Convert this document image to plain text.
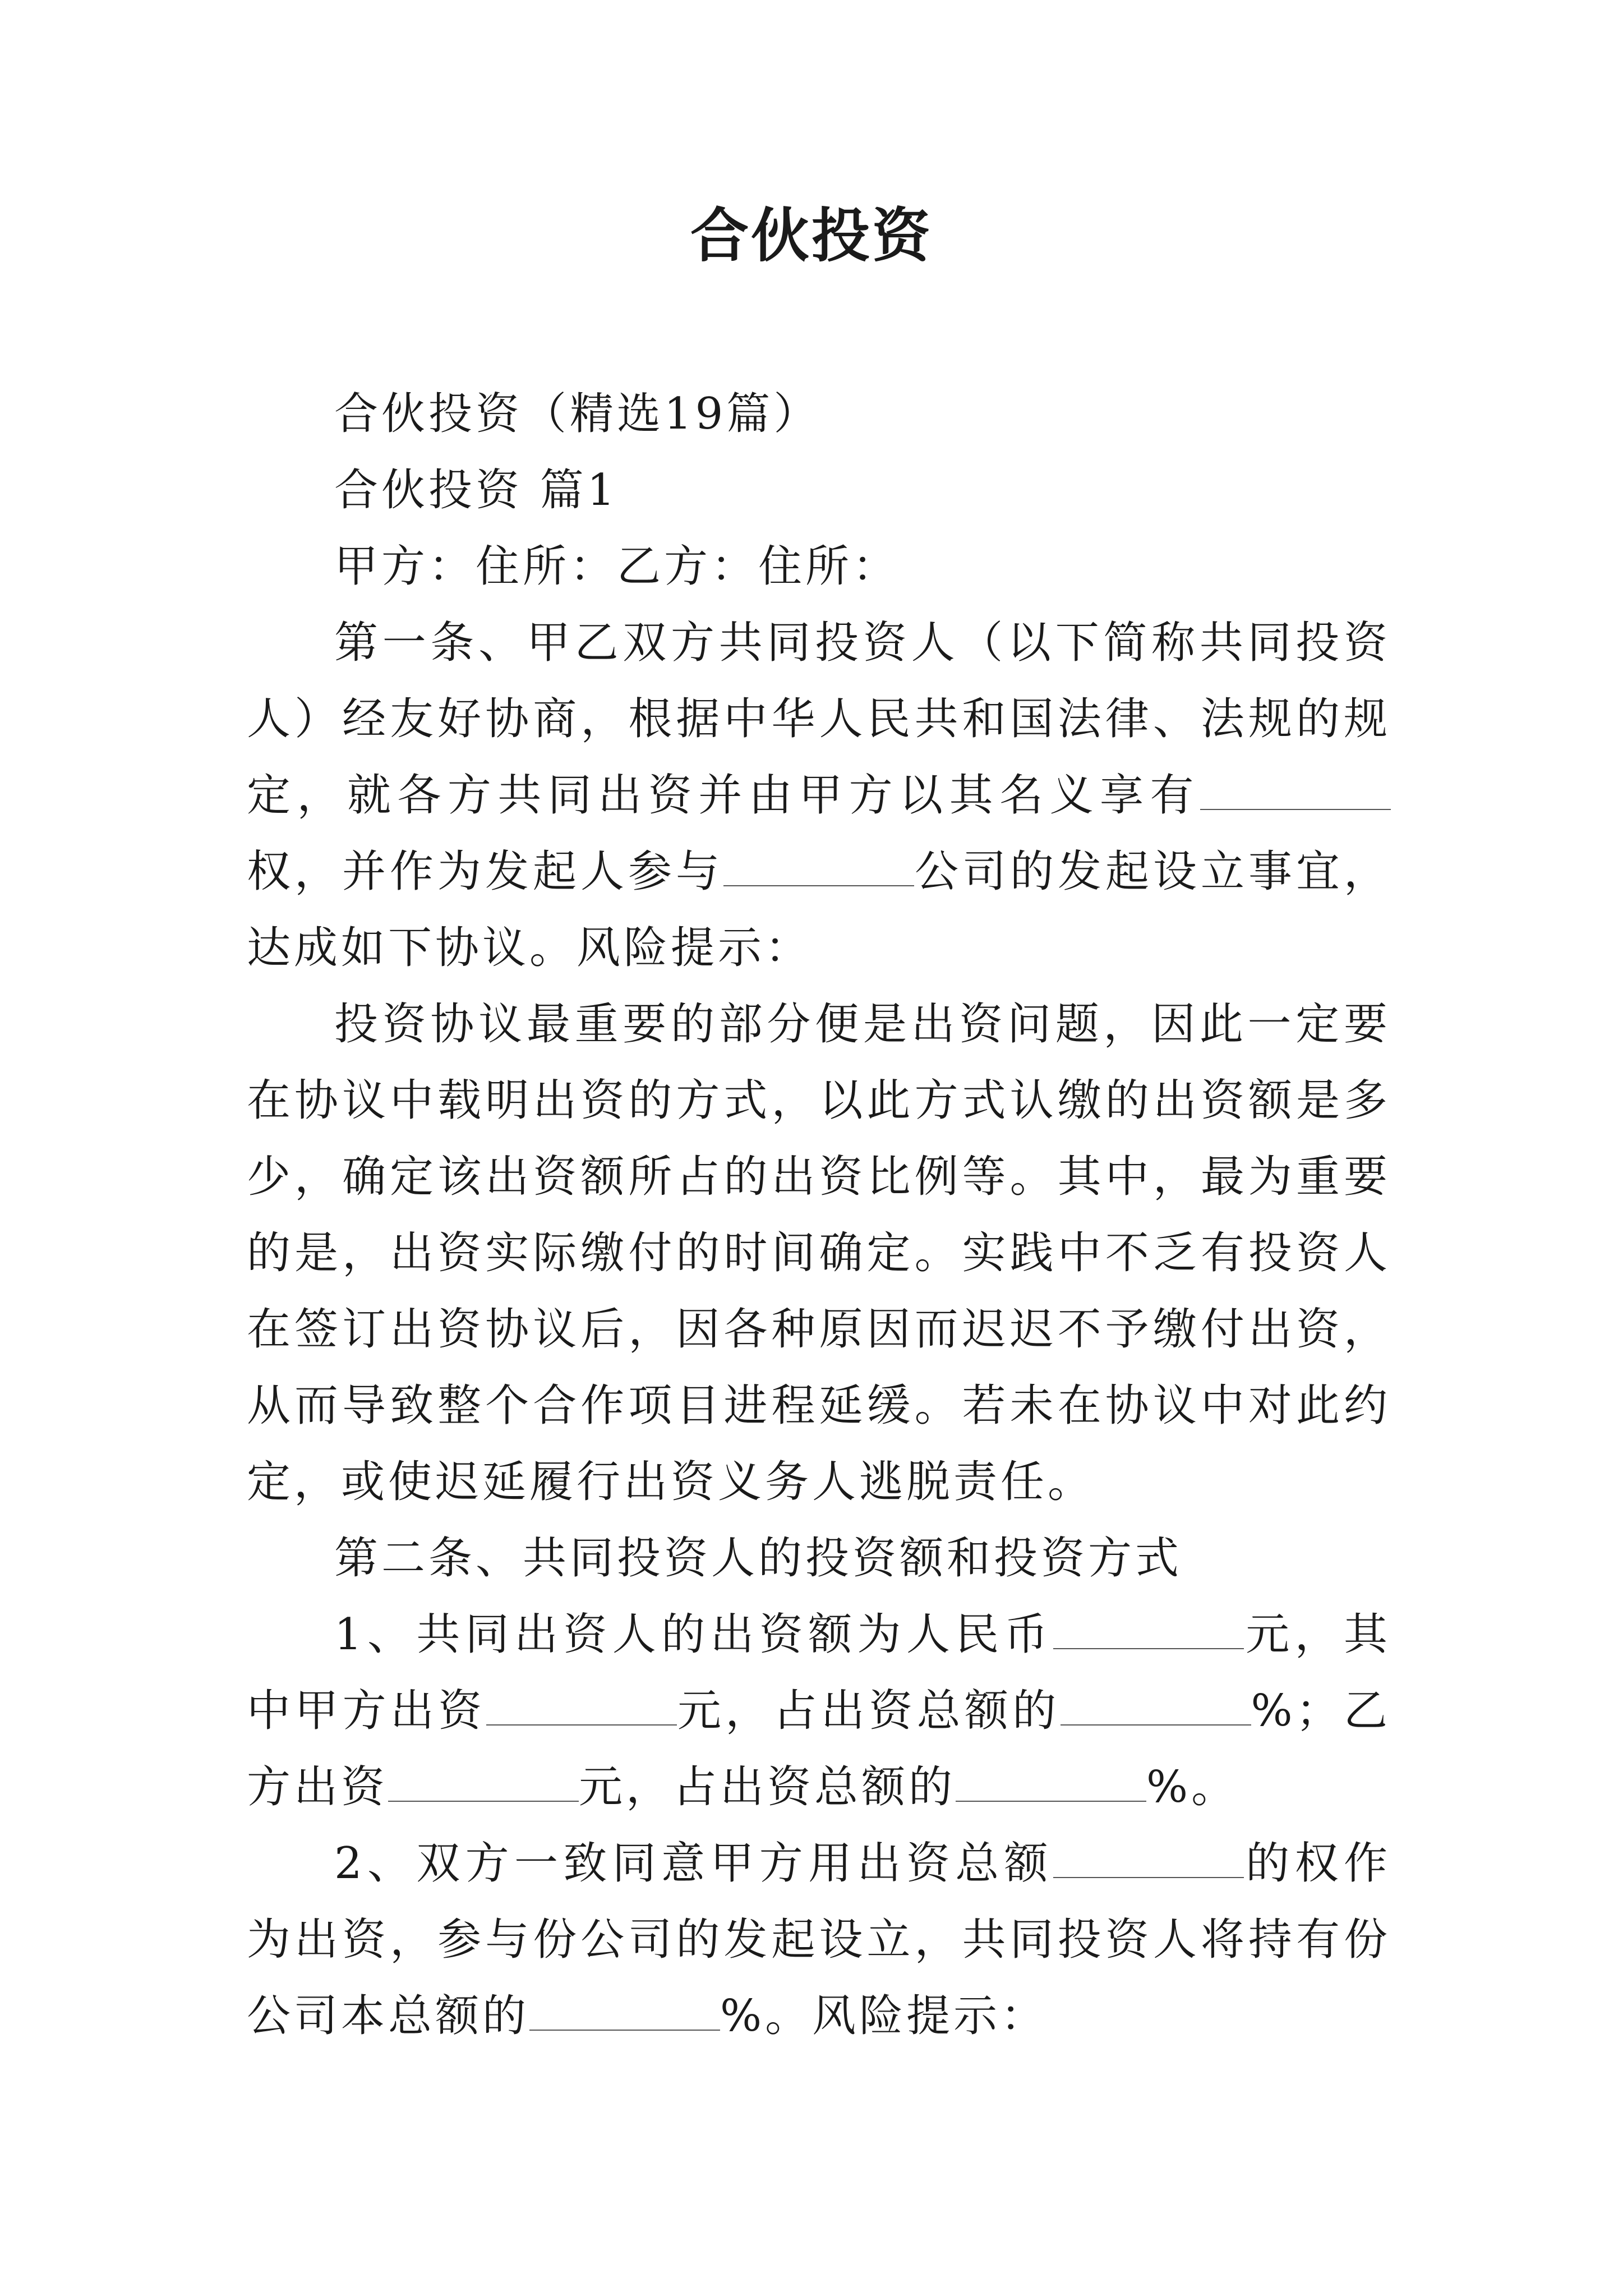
合伙投资

合伙投资（精选19篇）

合伙投资 篇1

甲方：住所：乙方：住所：

第一条、甲乙双方共同投资人（以下简称共同投资人）经友好协商，根据中华人民共和国法律、法规的规定，就各方共同出资并由甲方以其名义享有权，并作为发起人参与	公司的发起设立事宜，达成如下协议。风险提示：

投资协议最重要的部分便是出资问题，因此一定要在协议中载明出资的方式，以此方式认缴的出资额是多少，确定该出资额所占的出资比例等。其中，最为重要的是，出资实际缴付的时间确定。实践中不乏有投资人在签订出资协议后，因各种原因而迟迟不予缴付出资，从而导致整个合作项目进程延缓。若未在协议中对此约定，或使迟延履行出资义务人逃脱责任。

第二条、共同投资人的投资额和投资方式

1、共同出资人的出资额为人民币	元，其中甲方出资	元，占出资总额的	%；乙方出资	元，占出资总额的	%。

2、双方一致同意甲方用出资总额	的权作为出资，参与份公司的发起设立，共同投资人将持有份公司本总额的	%。风险提示：
